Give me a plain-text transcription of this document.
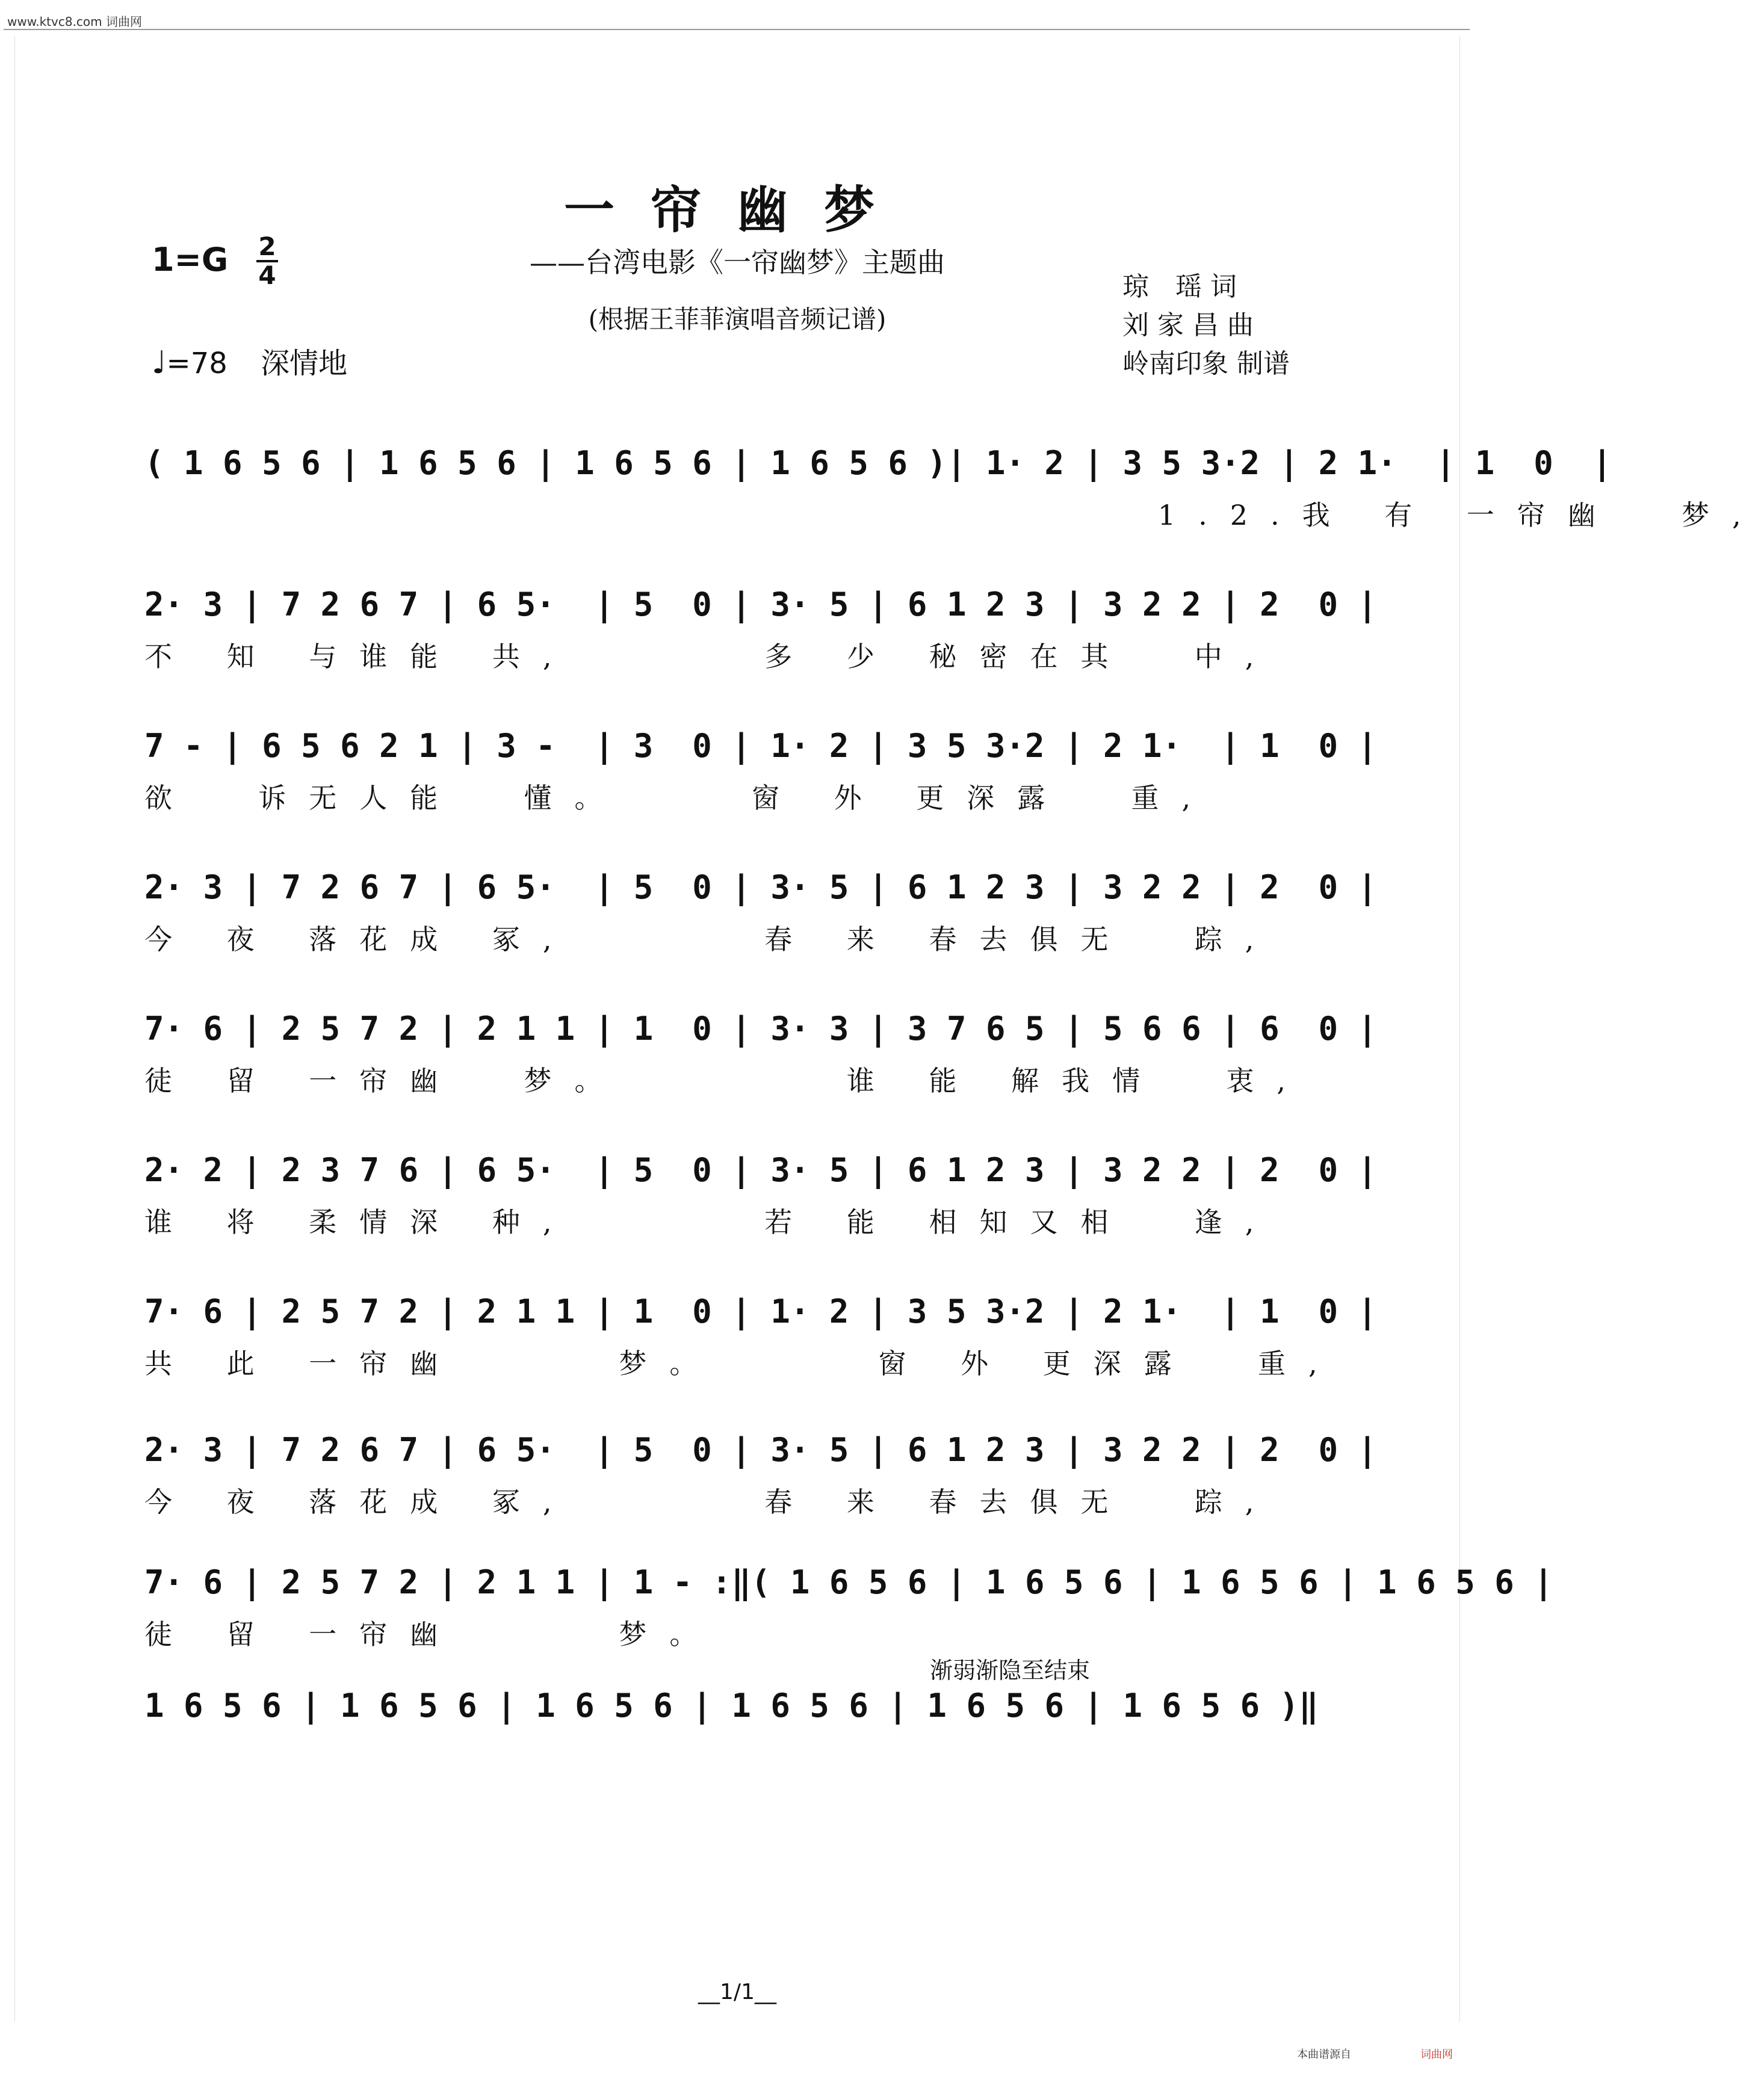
www.ktvc8.com 词曲网
一帘幽梦
——台湾电影《一帘幽梦》主题曲
(根据王菲菲演唱音频记谱)
1=G 2
4
♩=78 深情地
琼　瑶 词
刘 家 昌 曲
岭南印象 制谱
( 1 6 5 6 | 1 6 5 6 | 1 6 5 6 | 1 6 5 6 )| 1· 2 | 3 5 3·2 | 2 1·  | 1  0  |
1.2.我 有 一帘幽  梦,
2· 3 | 7 2 6 7 | 6 5·  | 5  0 | 3· 5 | 6 1 2 3 | 3 2 2 | 2  0 |
不 知 与谁能 共,      多 少 秘密在其  中,
7 - | 6 5 6 2 1 | 3 -  | 3  0 | 1· 2 | 3 5 3·2 | 2 1·  | 1  0 |
欲  诉无人能  懂。    窗 外 更深露  重,
2· 3 | 7 2 6 7 | 6 5·  | 5  0 | 3· 5 | 6 1 2 3 | 3 2 2 | 2  0 |
今 夜 落花成 冢,      春 来 春去俱无  踪,
7· 6 | 2 5 7 2 | 2 1 1 | 1  0 | 3· 3 | 3 7 6 5 | 5 6 6 | 6  0 |
徒 留 一帘幽  梦。       谁 能 解我情  衷,
2· 2 | 2 3 7 6 | 6 5·  | 5  0 | 3· 5 | 6 1 2 3 | 3 2 2 | 2  0 |
谁 将 柔情深 种,      若 能 相知又相  逢,
7· 6 | 2 5 7 2 | 2 1 1 | 1  0 | 1· 2 | 3 5 3·2 | 2 1·  | 1  0 |
共 此 一帘幽     梦。     窗 外 更深露  重,
2· 3 | 7 2 6 7 | 6 5·  | 5  0 | 3· 5 | 6 1 2 3 | 3 2 2 | 2  0 |
今 夜 落花成 冢,      春 来 春去俱无  踪,
7· 6 | 2 5 7 2 | 2 1 1 | 1 - :‖( 1 6 5 6 | 1 6 5 6 | 1 6 5 6 | 1 6 5 6 |
徒 留 一帘幽     梦。
渐弱渐隐至结束
1 6 5 6 | 1 6 5 6 | 1 6 5 6 | 1 6 5 6 | 1 6 5 6 | 1 6 5 6 )‖
__1/1__
本曲谱源自	词曲网
